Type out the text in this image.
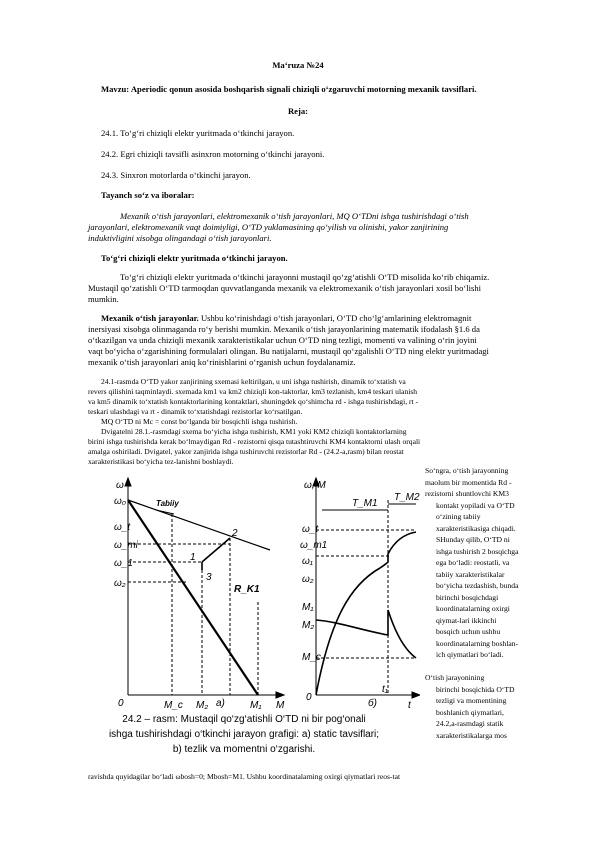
Ma‘ruza №24
Mavzu: Aperiodic qonun asosida boshqarish signali chiziqli o‘zgaruvchi motorning mexanik tavsiflari.
Reja:
24.1. To‘g‘ri chiziqli elektr yuritmada o‘tkinchi jarayon.
24.2. Egri chiziqli tavsifli asinxron motorning o‘tkinchi jarayoni.
24.3. Sinxron motorlarda o‘tkinchi jarayon.
Tayanch so‘z va iboralar:
Mexanik o‘tish jarayonlari, elektromexanik o‘tish jarayonlari, MQ O‘TDni ishga tushirishdagi o‘tish
jarayonlari, elektromexanik vaqt doimiyligi, O‘TD yuklamasining qo‘yilish va olinishi, yakor zanjirining
induktivligini xisobga olingandagi o‘tish jarayonlari.
To‘g‘ri chiziqli elektr yuritmada o‘tkinchi jarayon.
To‘g‘ri chiziqli elektr yuritmada o‘tkinchi jarayonni mustaqil qo‘zg‘atishli O‘TD misolida ko‘rib chiqamiz.
Mustaqil qo‘zatishli O‘TD tarmoqdan quvvatlanganda mexanik va elektromexanik o‘tish jarayonlari xosil bo‘lishi
mumkin.
Mexanik o‘tish jarayonlar. Ushbu ko‘rinishdagi o‘tish jarayonlari, O‘TD cho‘lg‘amlarining elektromagnit
inersiyasi xisobga olinmaganda ro‘y berishi mumkin. Mexanik o‘tish jarayonlarining matematik ifodalash §1.6 da
o‘tkazilgan va unda chiziqli mexanik xarakteristikalar uchun O‘TD ning tezligi, momenti va valining o‘rin joyini
vaqt bo‘yicha o‘zgarishining formulalari olingan. Bu natijalarni, mustaqil qo‘zgalishli O‘TD ning elektr yuritmadagi
mexanik o‘tish jarayonlari aniq ko‘rinishlarini o‘rganish uchun foydalanamiz.
24.1-rasmda O‘TD yakor zanjirining sxemasi keltirilgan, u uni ishga tushirish, dinamik to‘xtatish va
revers qilishini taqminlaydi. sxemada km1 va km2 chiziqli kon-taktorlar, km3 tezlanish, km4 teskari ulanish
va km5 dinamik to‘xtatish kontaktorlarining kontaktlari, shuningdek qo‘shimcha rd - ishga tushirishdagi, rt -
teskari ulashdagi va rt - dinamik to‘xtatishdagi rezistorlar ko‘rsatilgan.
MQ O‘TD ni Mc = const bo‘lganda bir bosqichli ishga tushirish.
Dvigatelni 28.1.-rasmdagi sxema bo‘yicha ishga tushirish, KM1 yoki KM2 chiziqli kontaktorlarning
birini ishga tushirishda kerak bo‘lmaydigan Rd - rezistorni qisqa tutashtiruvchi KM4 kontaktorni ulash orqali
amalga oshiriladi. Dvigatel, yakor zanjirida ishga tushiruvchi rezistorlar Rd - (24.2-a,rasm) bilan reostat
xarakteristikasi bo‘yicha tez-lanishni boshlaydi.
So‘ngra, o‘tish jarayonning
maolum bir momentida Rd -
rezistorni shuntlovchi KM3
kontakt yopiladi va O‘TD
o‘zining tabiiy
xarakteristikasiga chiqadi.
SHunday qilib, O‘TD ni
ishga tushirish 2 bosqichga
ega bo‘ladi: reostatli, va
tabiiy xarakteristikalar
bo‘yicha tezdashish, bunda
birinchi bosqichdagi
koordinatalarning oxirgi
qiymat-lari ikkinchi
bosqich uchun ushbu
koordinatalarning boshlan-
ich qiymatlari bo‘ladi.
O‘tish jarayonining
birinchi bosqichida O‘TD
tezligi va momentining
boshlanich qiymatlari,
24.2,a-rasmdagi statik
xarakteristikalarga mos
ω
ω₀
ω_t
ω_mi
ω_1
ω₂
Tabiiy
2
1
3
R_K1
0	M_c M₂	M₁ M
a)
ω, M
ω_t
ω_m1
ω₁
ω₂
M₁
M₂
M_c
0
T_M1
T_M2
t₁
t
б)
24.2 – rasm: Mustaqil qo‘zg‘atishli O‘TD ni bir pog‘onali
ishga tushirishdagi o‘tkinchi jarayon grafigi: a) static tavsiflari;
b) tezlik va momentni o‘zgarishi.
ravishda quyidagilar bo‘ladi ωbosh=0; Mbosh=M1. Ushbu koordinatalarning oxirgi qiymatlari reos-tat
